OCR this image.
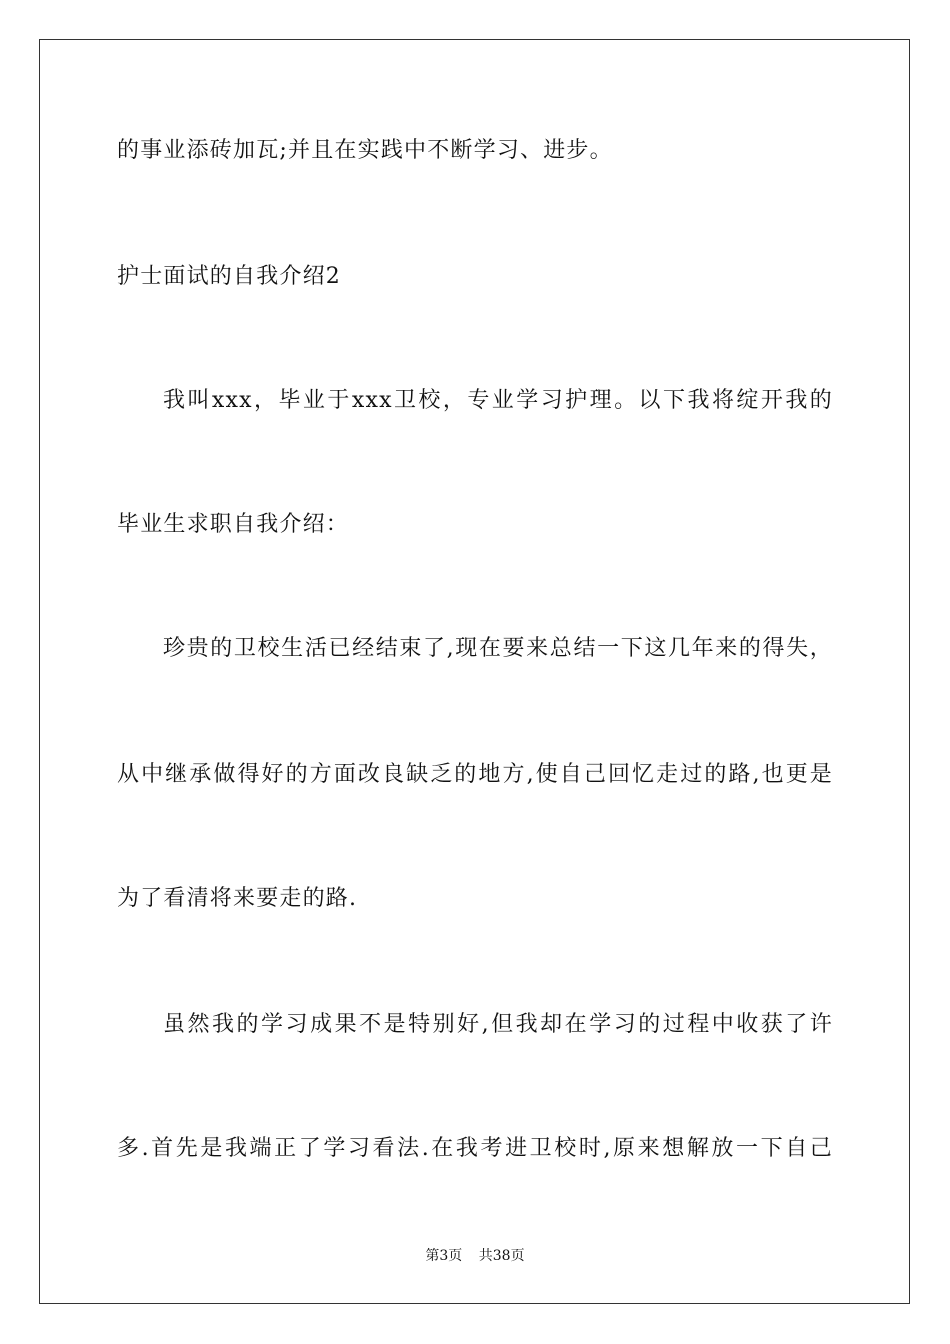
的事业添砖加瓦;并且在实践中不断学习、进步。
护士面试的自我介绍2
我叫xxx，毕业于xxx卫校，专业学习护理。以下我将绽开我的
毕业生求职自我介绍：
珍贵的卫校生活已经结束了,现在要来总结一下这几年来的得失，
从中继承做得好的方面改良缺乏的地方,使自己回忆走过的路,也更是
为了看清将来要走的路.
虽然我的学习成果不是特别好,但我却在学习的过程中收获了许
多.首先是我端正了学习看法.在我考进卫校时,原来想解放一下自己
第3页 共38页
